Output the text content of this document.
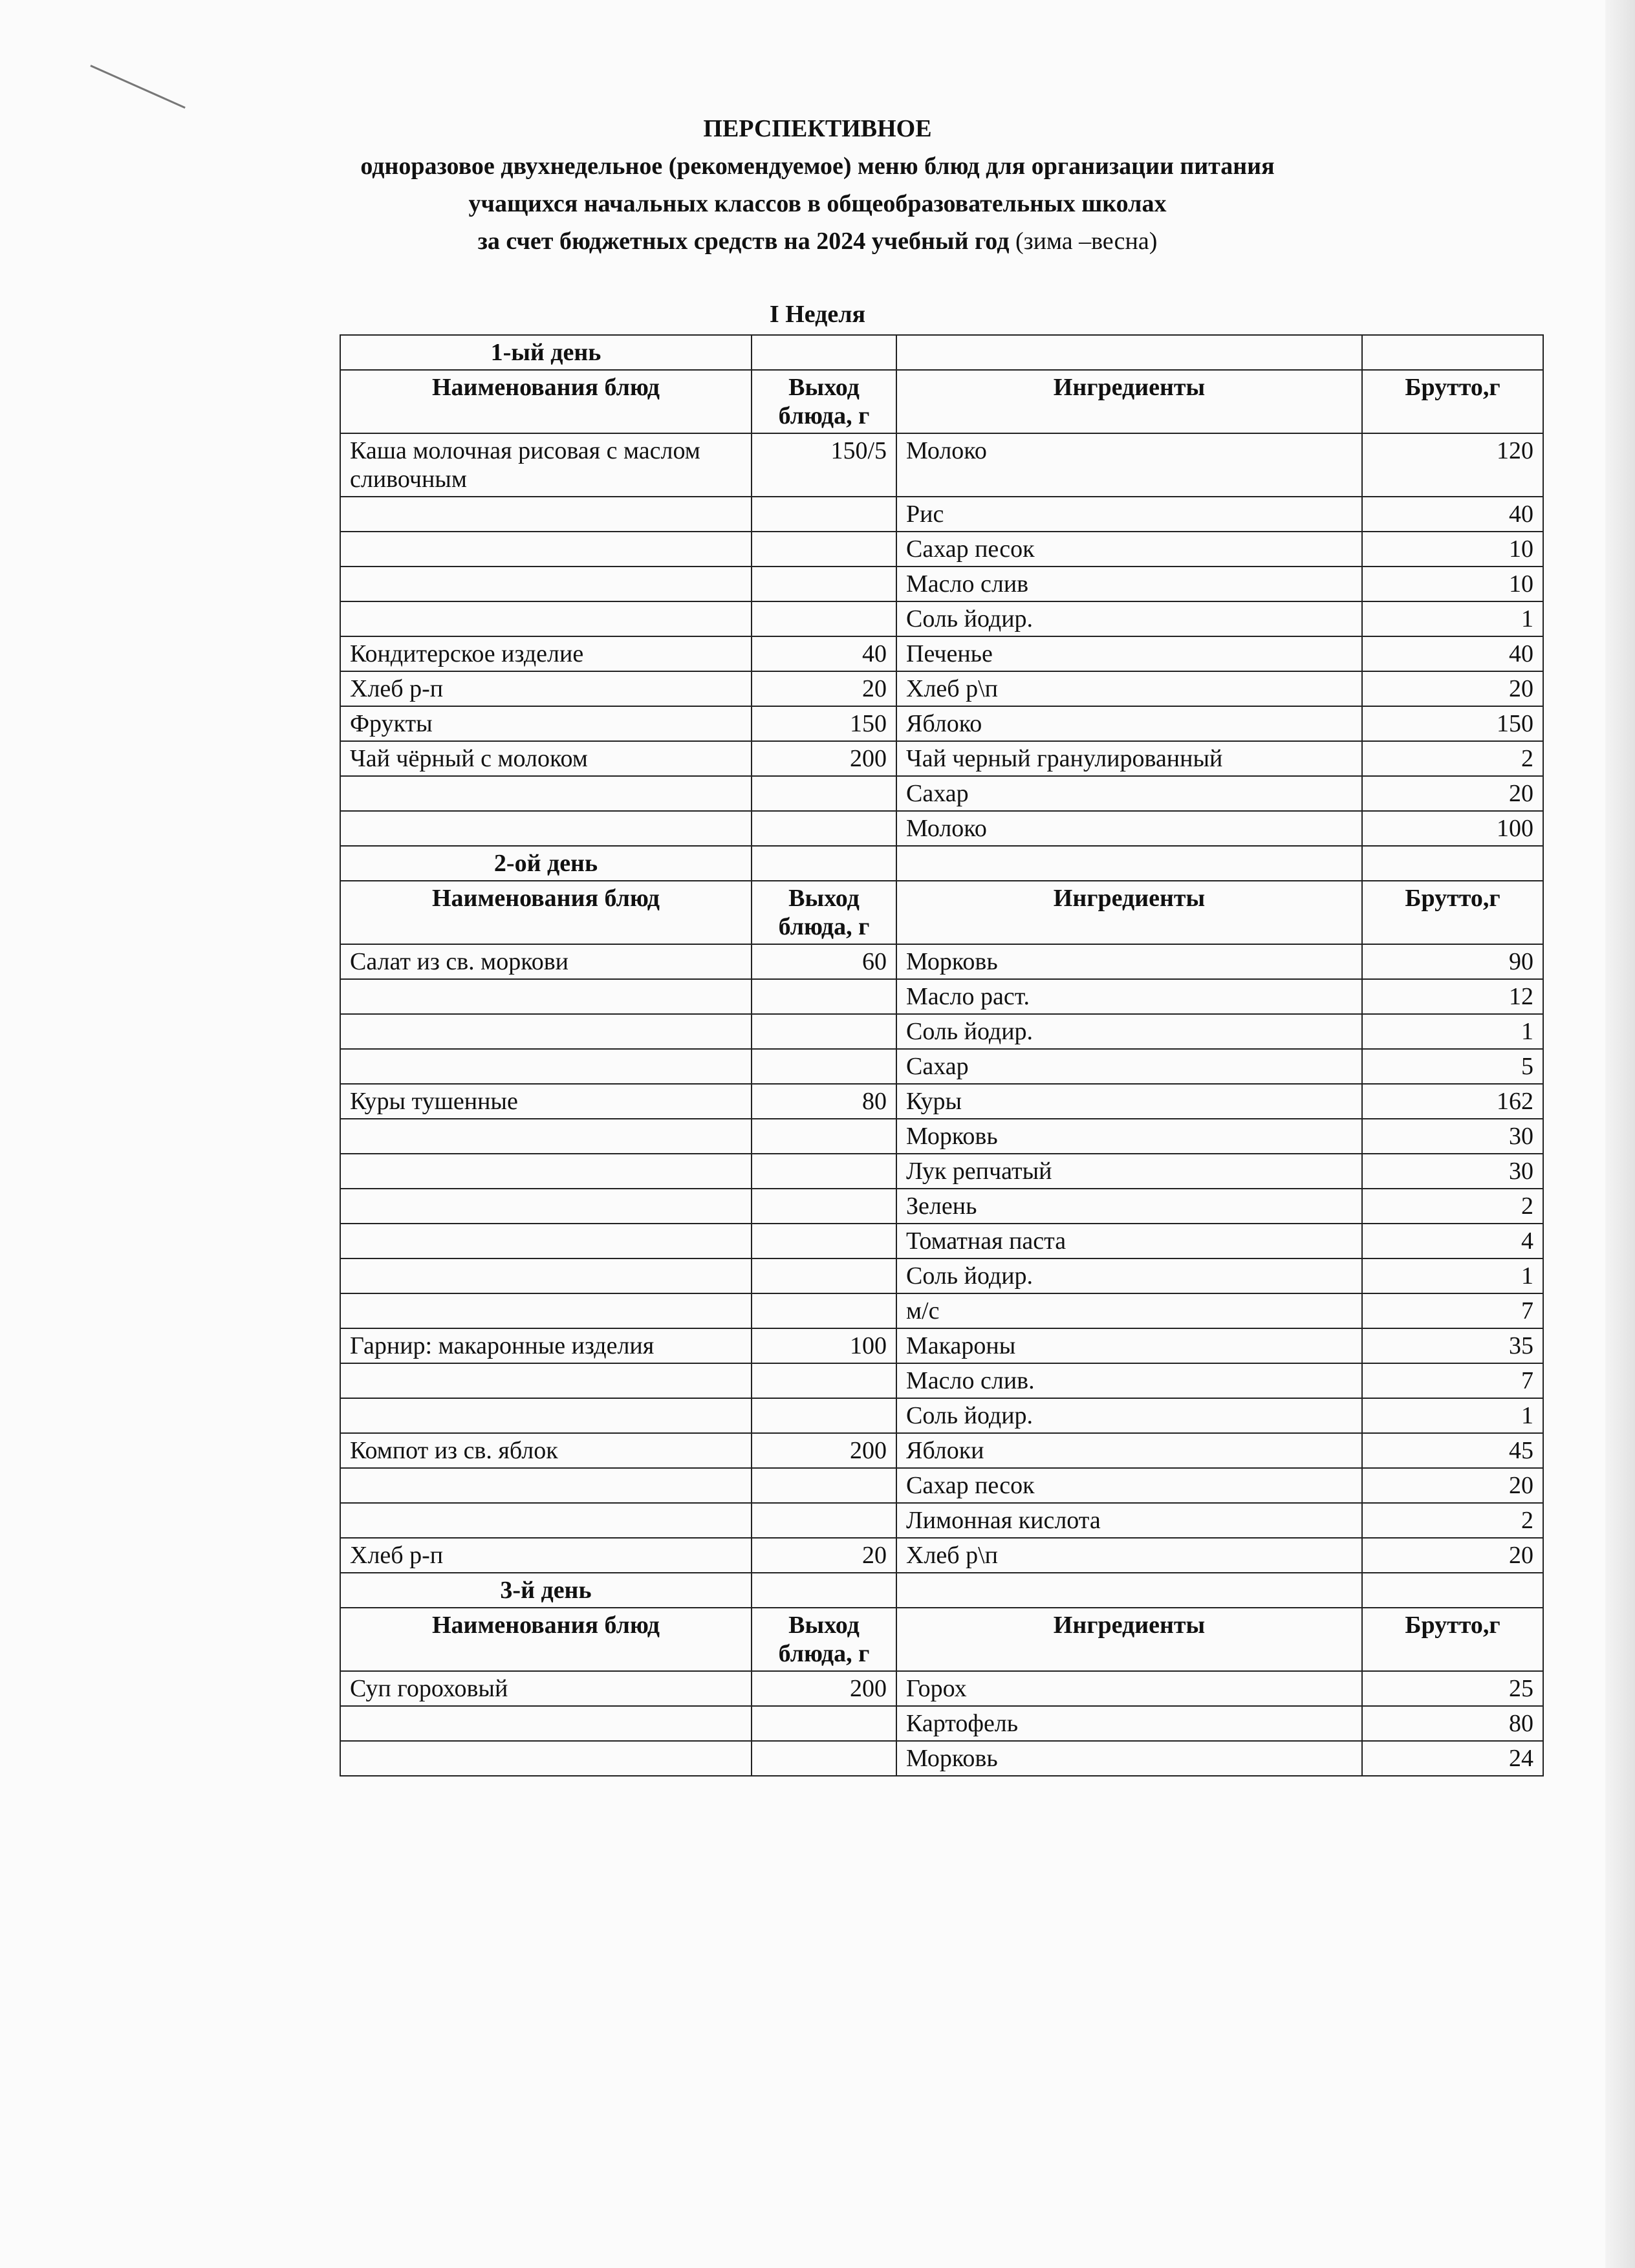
ПЕРСПЕКТИВНОЕ
одноразовое двухнедельное (рекомендуемое) меню блюд для организации питания
учащихся начальных классов в общеобразовательных школах
за счет бюджетных средств на 2024 учебный год (зима –весна)
I Неделя
1-ый день			
Наименования блюд	Выход блюда, г	Ингредиенты	Брутто,г
Каша молочная рисовая с маслом сливочным	150/5	Молоко	120
		Рис	40
		Сахар песок	10
		Масло слив	10
		Соль йодир.	1
Кондитерское изделие	40	Печенье	40
Хлеб р-п	20	Хлеб р\п	20
Фрукты	150	Яблоко	150
Чай чёрный с молоком	200	Чай черный гранулированный	2
		Сахар	20
		Молоко	100
2-ой день			
Наименования блюд	Выход блюда, г	Ингредиенты	Брутто,г
Салат из св. моркови	60	Морковь	90
		Масло раст.	12
		Соль йодир.	1
		Сахар	5
Куры тушенные	80	Куры	162
		Морковь	30
		Лук репчатый	30
		Зелень	2
		Томатная паста	4
		Соль йодир.	1
		м/с	7
Гарнир: макаронные изделия	100	Макароны	35
		Масло слив.	7
		Соль йодир.	1
Компот из св. яблок	200	Яблоки	45
		Сахар песок	20
		Лимонная кислота	2
Хлеб р-п	20	Хлеб р\п	20
3-й день			
Наименования блюд	Выход блюда, г	Ингредиенты	Брутто,г
Суп гороховый	200	Горох	25
		Картофель	80
		Морковь	24
